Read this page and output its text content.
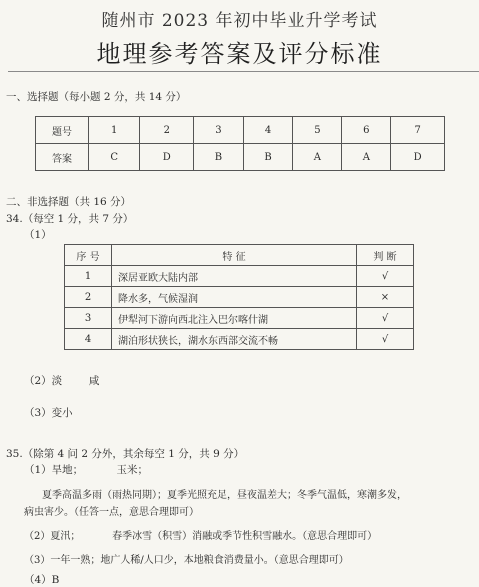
随州市 2023 年初中毕业升学考试
地理参考答案及评分标准
一、选择题（每小题 2 分，共 14 分）
题号	1	2	3	4	5	6	7
答案	C	D	B	B	A	A	D
二、非选择题（共 16 分）
34.（每空 1 分，共 7 分）
（1）
序 号	特 征	判 断
1	深居亚欧大陆内部	√
2	降水多，气候湿润	×
3	伊犁河下游向西北注入巴尔喀什湖	√
4	湖泊形状狭长，湖水东西部交流不畅	√
（2）淡        咸
（3）变小
35.（除第 4 问 2 分外，其余每空 1 分，共 9 分）
（1）旱地；          玉米；
夏季高温多雨（雨热同期）；夏季光照充足，昼夜温差大；冬季气温低，寒潮多发，
病虫害少。（任答一点，意思合理即可）
（2）夏汛；          春季冰雪（积雪）消融或季节性积雪融水。（意思合理即可）
（3）一年一熟；地广人稀/人口少，本地粮食消费量小。（意思合理即可）
（4）B
